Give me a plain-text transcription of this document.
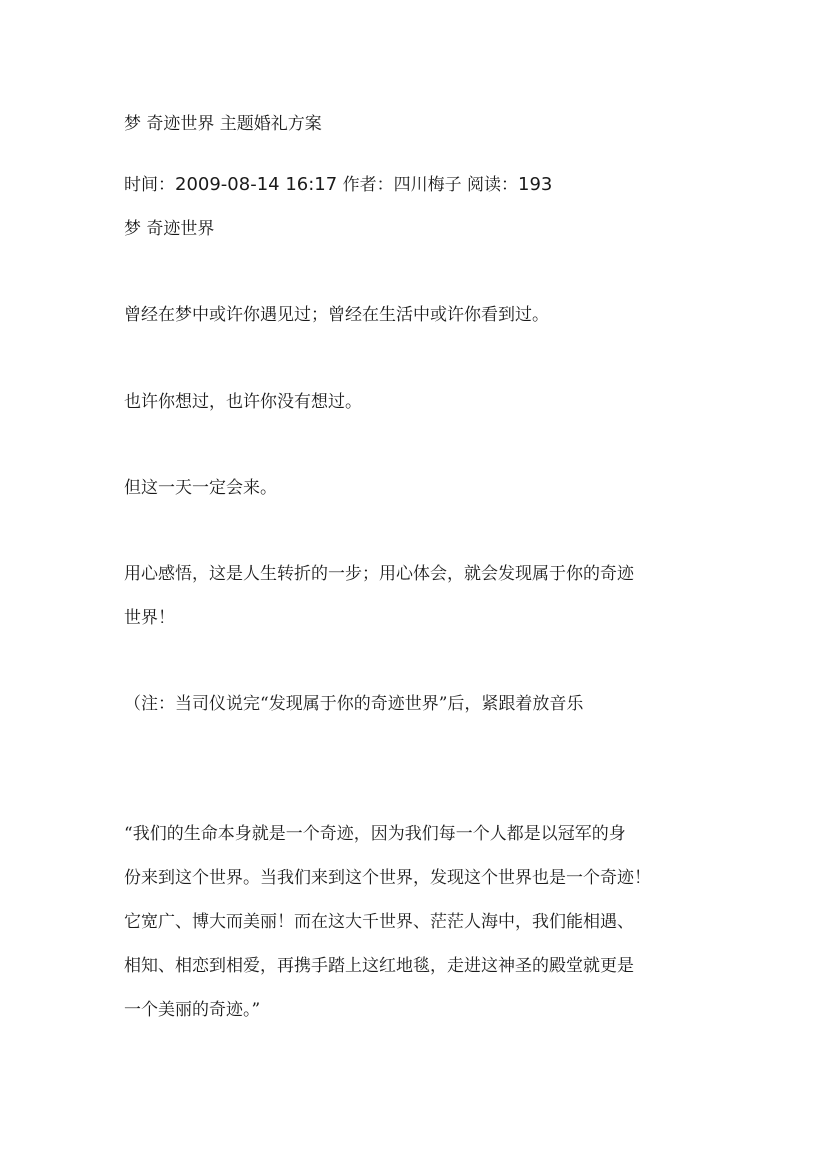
梦 奇迹世界 主题婚礼方案

时间：2009-08-14 16:17 作者：四川梅子 阅读：193

梦 奇迹世界

曾经在梦中或许你遇见过；曾经在生活中或许你看到过。

也许你想过，也许你没有想过。

但这一天一定会来。

用心感悟，这是人生转折的一步；用心体会，就会发现属于你的奇迹
世界！

（注：当司仪说完“发现属于你的奇迹世界”后，紧跟着放音乐

“我们的生命本身就是一个奇迹，因为我们每一个人都是以冠军的身
份来到这个世界。当我们来到这个世界，发现这个世界也是一个奇迹！
它宽广、博大而美丽！而在这大千世界、茫茫人海中，我们能相遇、
相知、相恋到相爱，再携手踏上这红地毯，走进这神圣的殿堂就更是
一个美丽的奇迹。”
